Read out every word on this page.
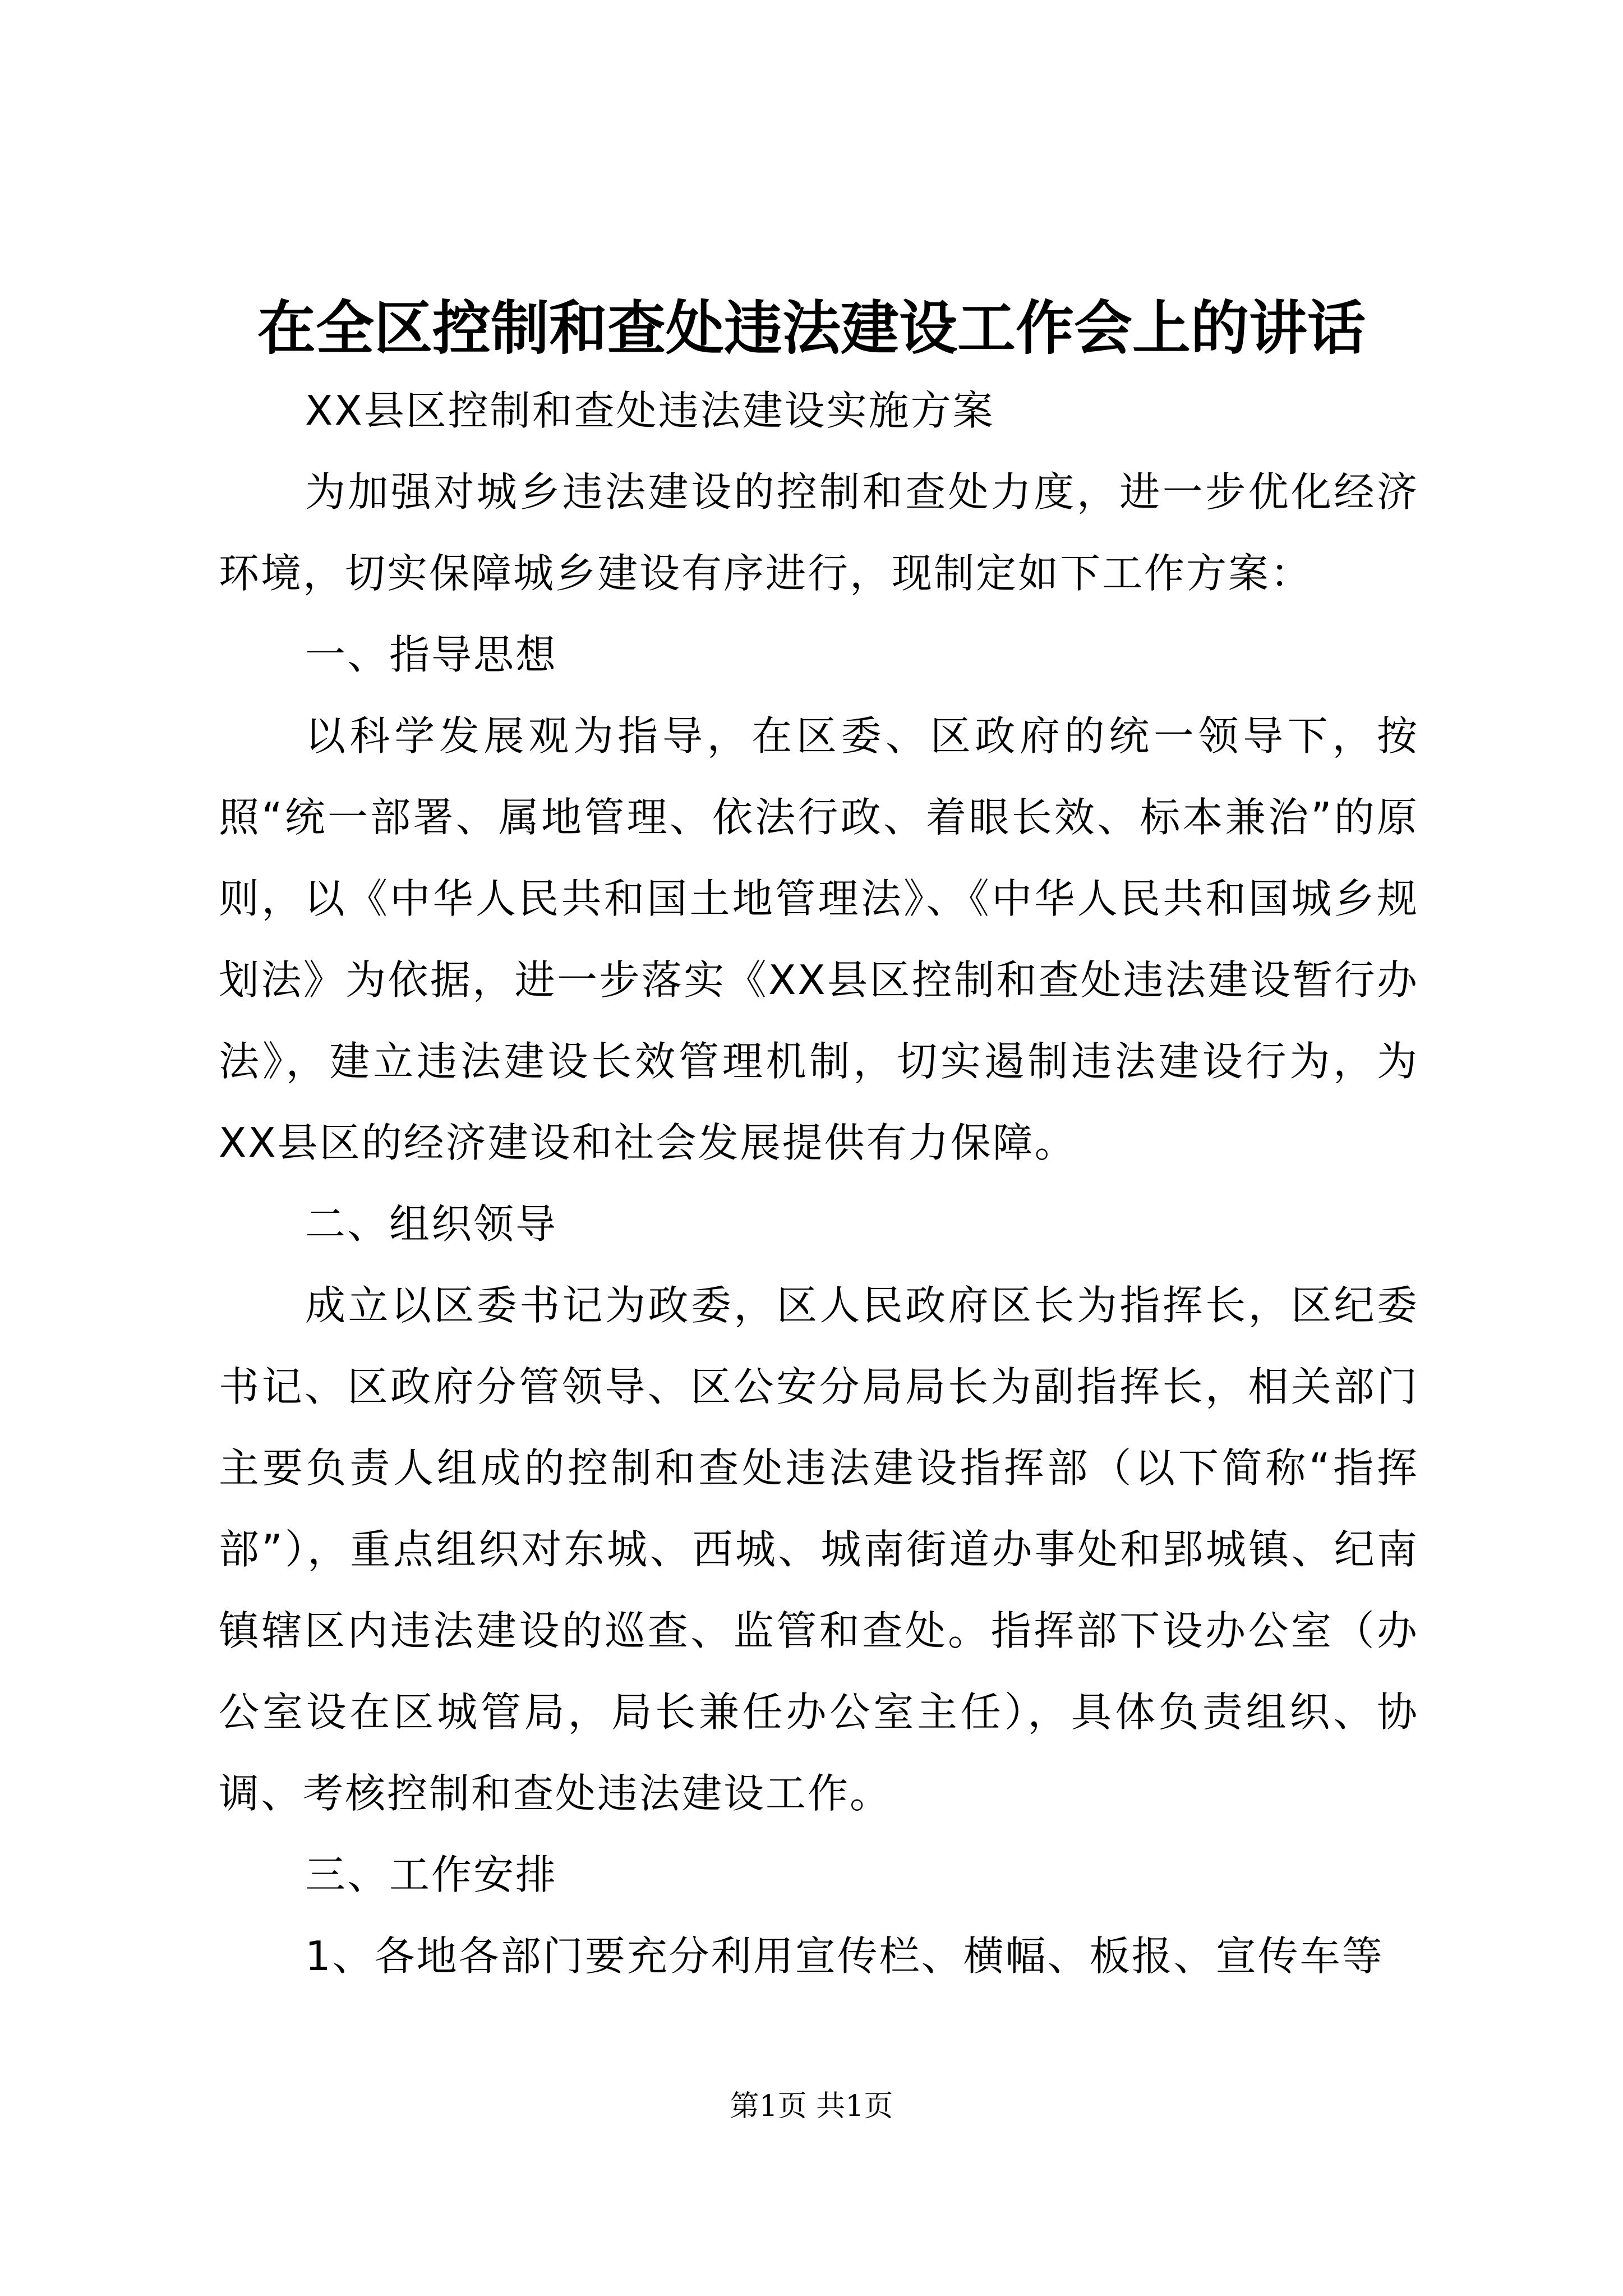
在全区控制和查处违法建设工作会上的讲话

XX县区控制和查处违法建设实施方案

为加强对城乡违法建设的控制和查处力度，进一步优化经济环境，切实保障城乡建设有序进行，现制定如下工作方案：

一、指导思想

以科学发展观为指导，在区委、区政府的统一领导下，按照“统一部署、属地管理、依法行政、着眼长效、标本兼治”的原则，以《中华人民共和国土地管理法》、《中华人民共和国城乡规划法》为依据，进一步落实《XX县区控制和查处违法建设暂行办法》，建立违法建设长效管理机制，切实遏制违法建设行为，为XX县区的经济建设和社会发展提供有力保障。

二、组织领导

成立以区委书记为政委，区人民政府区长为指挥长，区纪委书记、区政府分管领导、区公安分局局长为副指挥长，相关部门主要负责人组成的控制和查处违法建设指挥部（以下简称“指挥部”），重点组织对东城、西城、城南街道办事处和郢城镇、纪南镇辖区内违法建设的巡查、监管和查处。指挥部下设办公室（办公室设在区城管局，局长兼任办公室主任），具体负责组织、协调、考核控制和查处违法建设工作。

三、工作安排

1、各地各部门要充分利用宣传栏、横幅、板报、宣传车等

第1页 共1页
